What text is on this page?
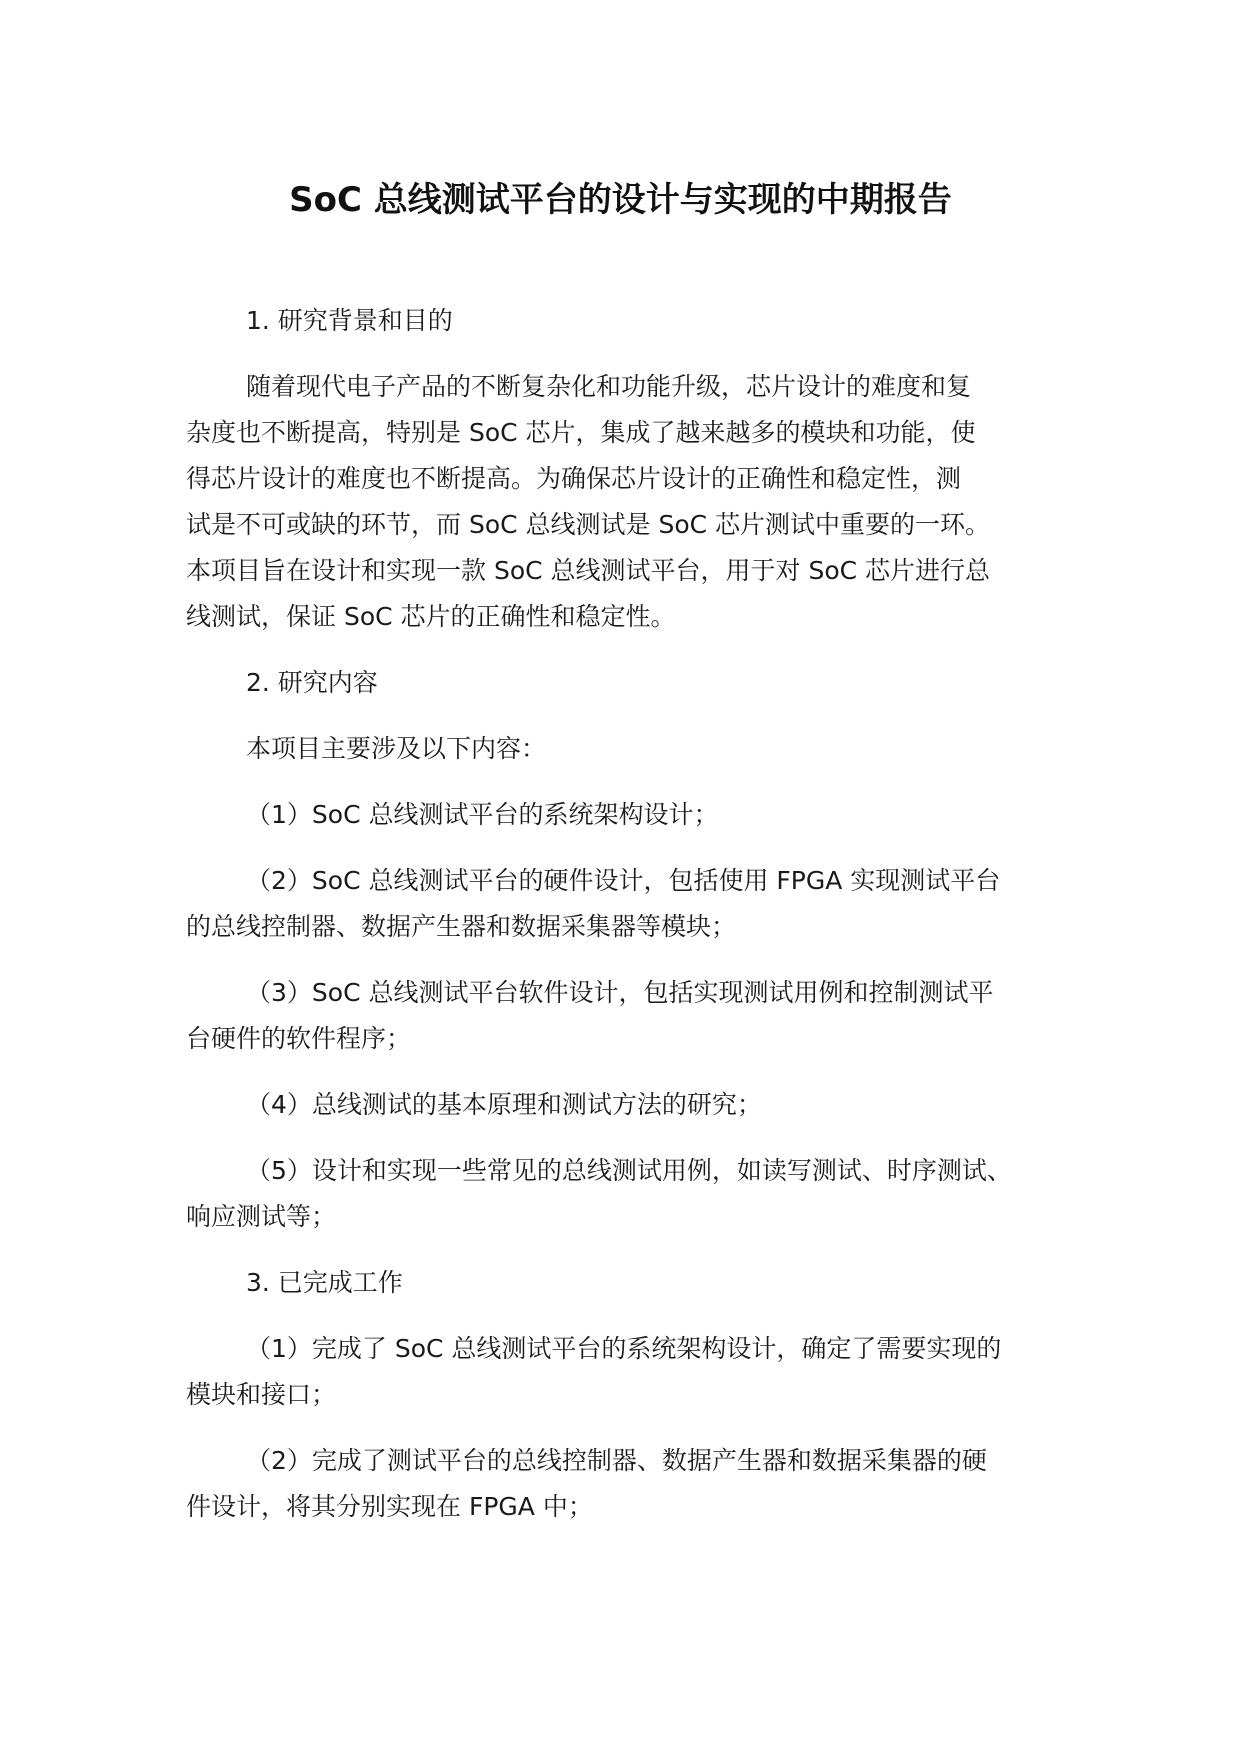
SoC 总线测试平台的设计与实现的中期报告

1. 研究背景和目的

随着现代电子产品的不断复杂化和功能升级，芯片设计的难度和复
杂度也不断提高，特别是 SoC 芯片，集成了越来越多的模块和功能，使
得芯片设计的难度也不断提高。为确保芯片设计的正确性和稳定性，测
试是不可或缺的环节，而 SoC 总线测试是 SoC 芯片测试中重要的一环。
本项目旨在设计和实现一款 SoC 总线测试平台，用于对 SoC 芯片进行总
线测试，保证 SoC 芯片的正确性和稳定性。

2. 研究内容

本项目主要涉及以下内容：

（1）SoC 总线测试平台的系统架构设计；

（2）SoC 总线测试平台的硬件设计，包括使用 FPGA 实现测试平台
的总线控制器、数据产生器和数据采集器等模块；

（3）SoC 总线测试平台软件设计，包括实现测试用例和控制测试平
台硬件的软件程序；

（4）总线测试的基本原理和测试方法的研究；

（5）设计和实现一些常见的总线测试用例，如读写测试、时序测试、
响应测试等；

3. 已完成工作

（1）完成了 SoC 总线测试平台的系统架构设计，确定了需要实现的
模块和接口；

（2）完成了测试平台的总线控制器、数据产生器和数据采集器的硬
件设计，将其分别实现在 FPGA 中；
